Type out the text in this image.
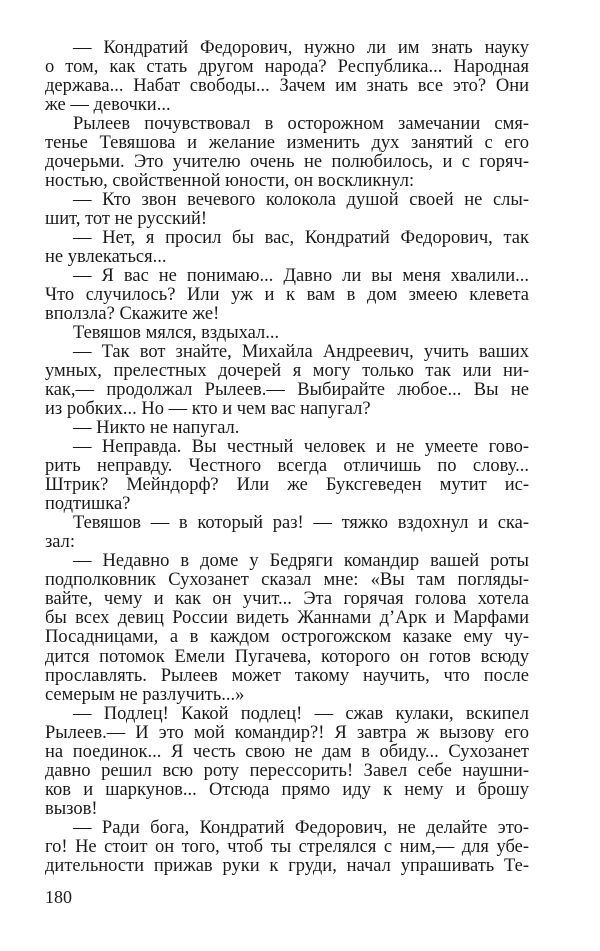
— Кондратий Федорович, нужно ли им знать науку
о том, как стать другом народа? Республика... Народная
держава... Набат свободы... Зачем им знать все это? Они
же — девочки...
Рылеев почувствовал в осторожном замечании смя-
тенье Тевяшова и желание изменить дух занятий с его
дочерьми. Это учителю очень не полюбилось, и с горяч-
ностью, свойственной юности, он воскликнул:
— Кто звон вечевого колокола душой своей не слы-
шит, тот не русский!
— Нет, я просил бы вас, Кондратий Федорович, так
не увлекаться...
— Я вас не понимаю... Давно ли вы меня хвалили...
Что случилось? Или уж и к вам в дом змеею клевета
вползла? Скажите же!
Тевяшов мялся, вздыхал...
— Так вот знайте, Михайла Андреевич, учить ваших
умных, прелестных дочерей я могу только так или ни-
как,— продолжал Рылеев.— Выбирайте любое... Вы не
из робких... Но — кто и чем вас напугал?
— Никто не напугал.
— Неправда. Вы честный человек и не умеете гово-
рить неправду. Честного всегда отличишь по слову...
Штрик? Мейндорф? Или же Буксгеведен мутит ис-
подтишка?
Тевяшов — в который раз! — тяжко вздохнул и ска-
зал:
— Недавно в доме у Бедряги командир вашей роты
подполковник Сухозанет сказал мне: «Вы там погляды-
вайте, чему и как он учит... Эта горячая голова хотела
бы всех девиц России видеть Жаннами д’Арк и Марфами
Посадницами, а в каждом острогожском казаке ему чу-
дится потомок Емели Пугачева, которого он готов всюду
прославлять. Рылеев может такому научить, что после
семерым не разлучить...»
— Подлец! Какой подлец! — сжав кулаки, вскипел
Рылеев.— И это мой командир?! Я завтра ж вызову его
на поединок... Я честь свою не дам в обиду... Сухозанет
давно решил всю роту перессорить! Завел себе наушни-
ков и шаркунов... Отсюда прямо иду к нему и брошу
вызов!
— Ради бога, Кондратий Федорович, не делайте это-
го! Не стоит он того, чтоб ты стрелялся с ним,— для убе-
дительности прижав руки к груди, начал упрашивать Те-
180
